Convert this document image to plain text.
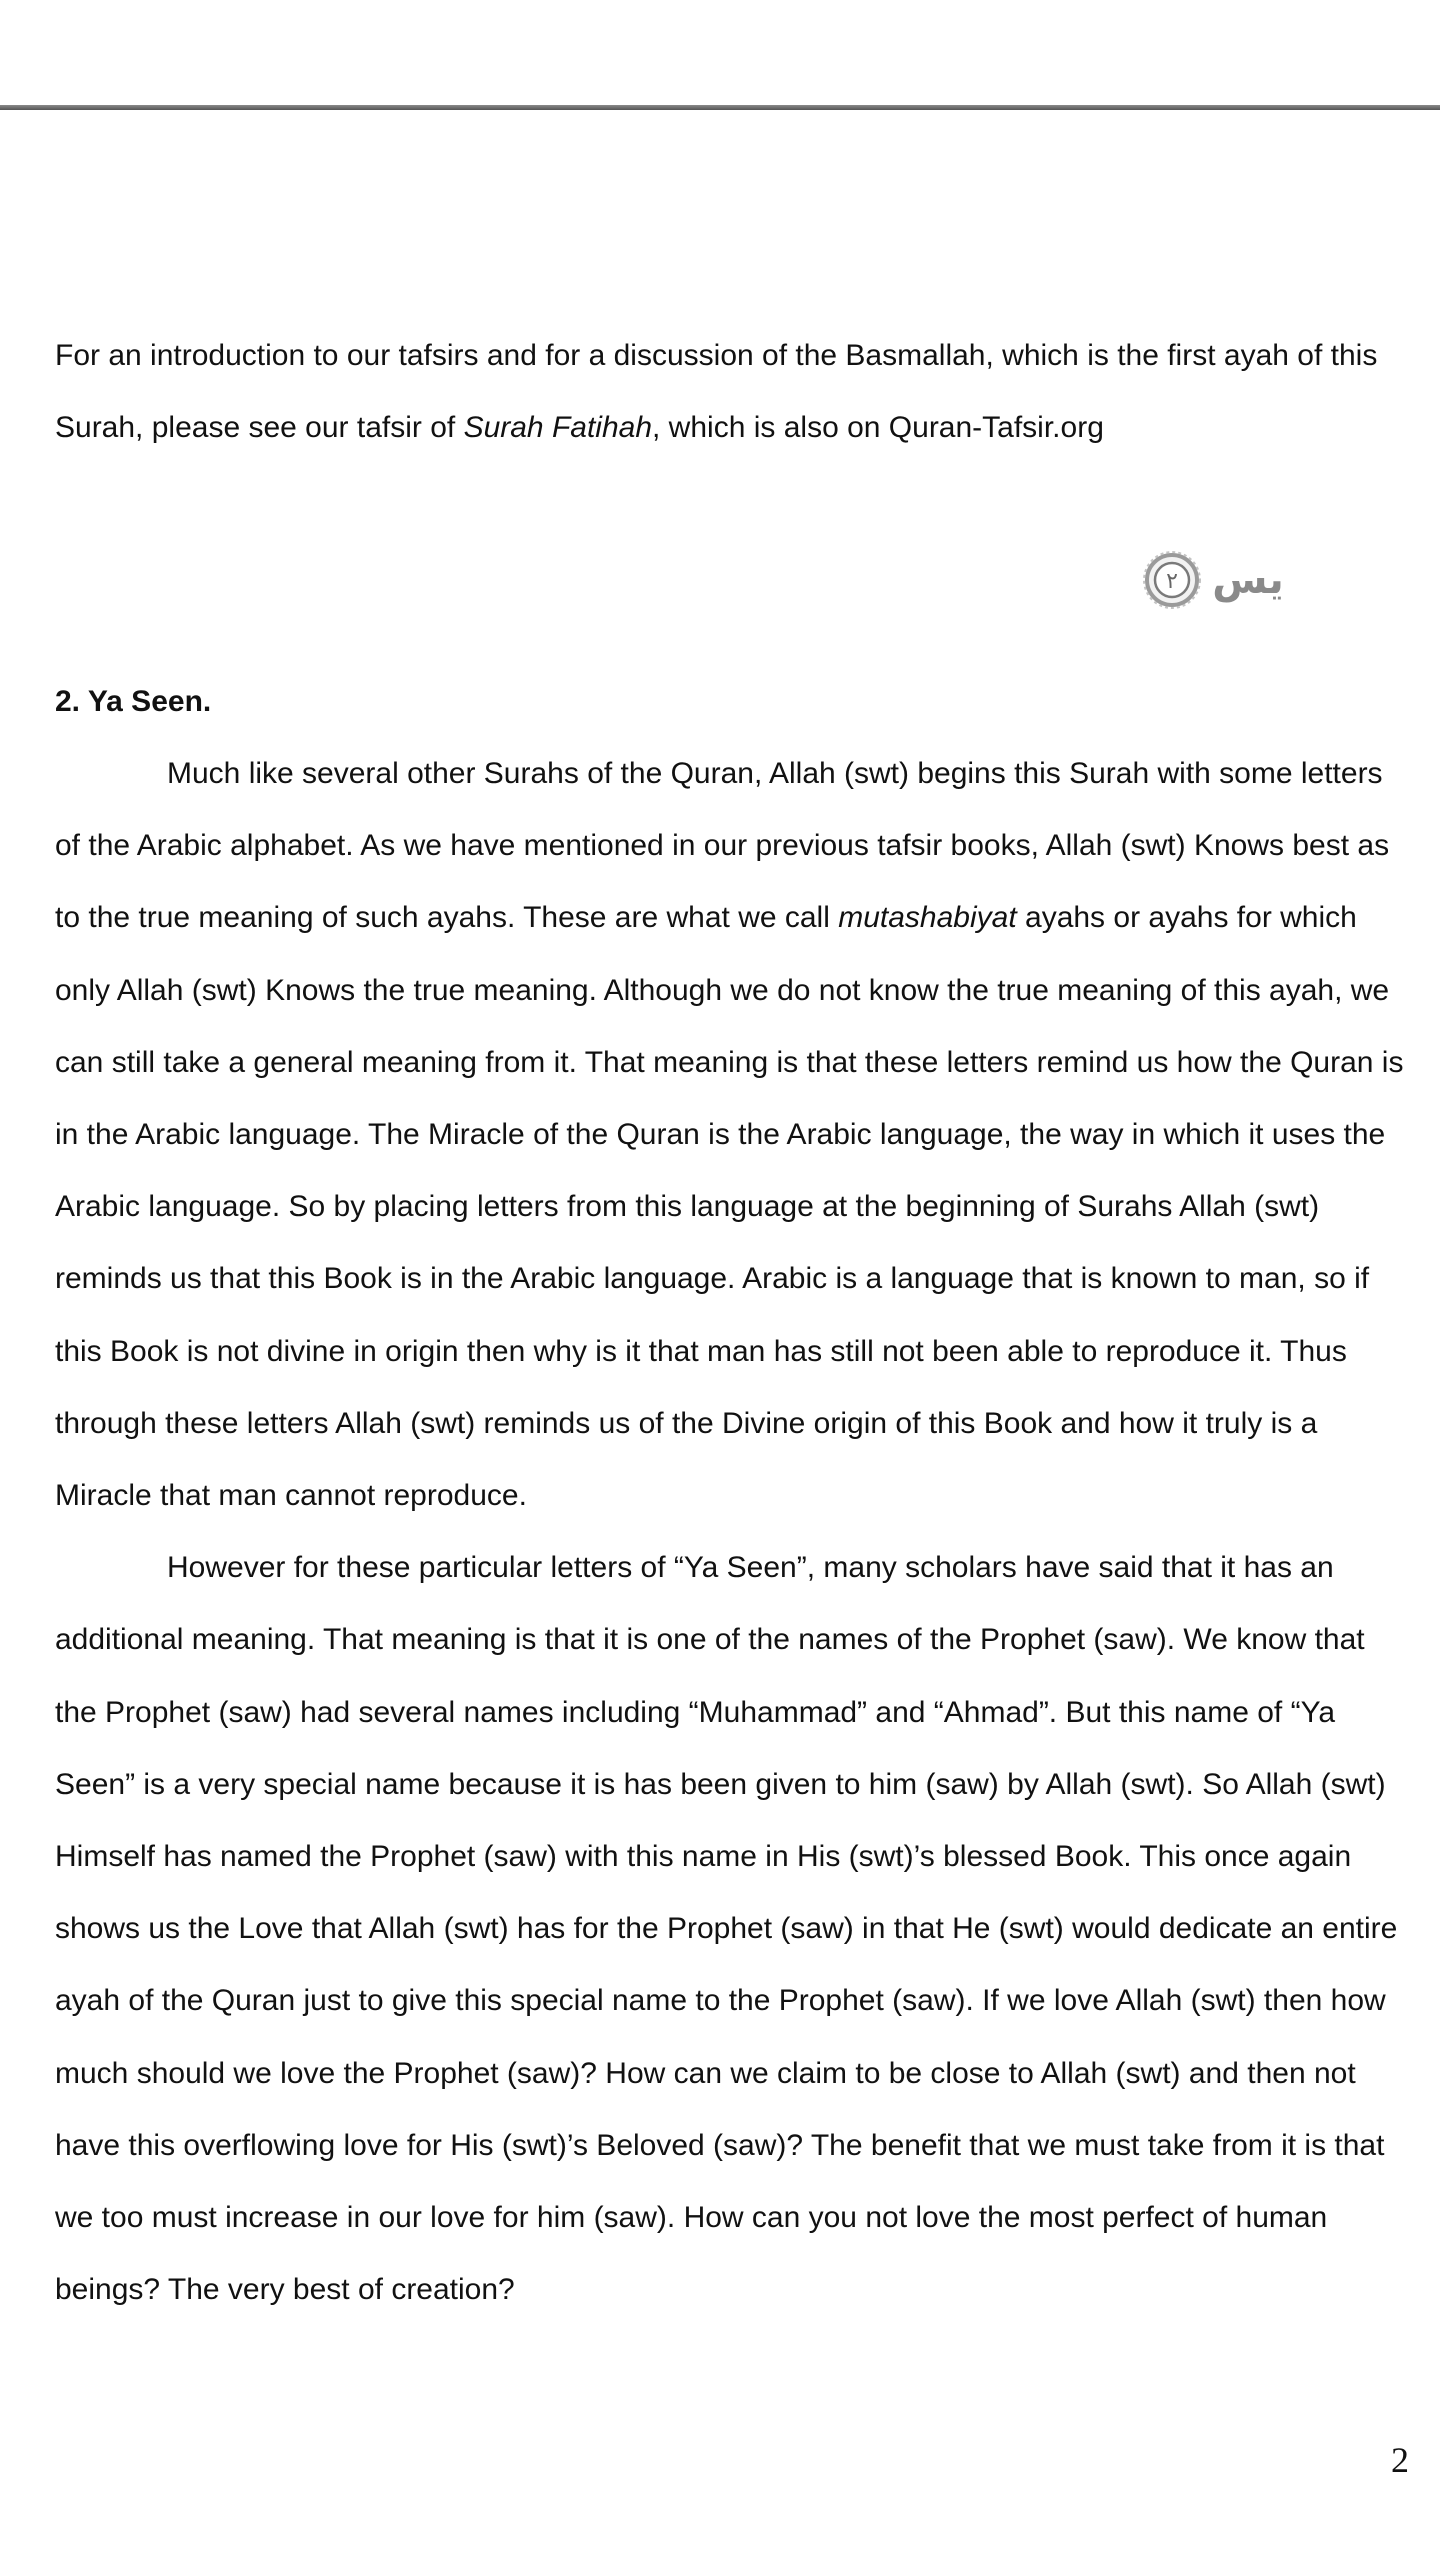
For an introduction to our tafsirs and for a discussion of the Basmallah, which is the first ayah of this Surah, please see our tafsir of Surah Fatihah, which is also on Quran-Tafsir.org

٢ يس

2. Ya Seen.

Much like several other Surahs of the Quran, Allah (swt) begins this Surah with some letters of the Arabic alphabet. As we have mentioned in our previous tafsir books, Allah (swt) Knows best as to the true meaning of such ayahs. These are what we call mutashabiyat ayahs or ayahs for which only Allah (swt) Knows the true meaning. Although we do not know the true meaning of this ayah, we can still take a general meaning from it. That meaning is that these letters remind us how the Quran is in the Arabic language. The Miracle of the Quran is the Arabic language, the way in which it uses the Arabic language. So by placing letters from this language at the beginning of Surahs Allah (swt) reminds us that this Book is in the Arabic language. Arabic is a language that is known to man, so if this Book is not divine in origin then why is it that man has still not been able to reproduce it. Thus through these letters Allah (swt) reminds us of the Divine origin of this Book and how it truly is a Miracle that man cannot reproduce.

However for these particular letters of “Ya Seen”, many scholars have said that it has an additional meaning. That meaning is that it is one of the names of the Prophet (saw). We know that the Prophet (saw) had several names including “Muhammad” and “Ahmad”. But this name of “Ya Seen” is a very special name because it is has been given to him (saw) by Allah (swt). So Allah (swt) Himself has named the Prophet (saw) with this name in His (swt)’s blessed Book. This once again shows us the Love that Allah (swt) has for the Prophet (saw) in that He (swt) would dedicate an entire ayah of the Quran just to give this special name to the Prophet (saw). If we love Allah (swt) then how much should we love the Prophet (saw)? How can we claim to be close to Allah (swt) and then not have this overflowing love for His (swt)’s Beloved (saw)? The benefit that we must take from it is that we too must increase in our love for him (saw). How can you not love the most perfect of human beings? The very best of creation?

2
